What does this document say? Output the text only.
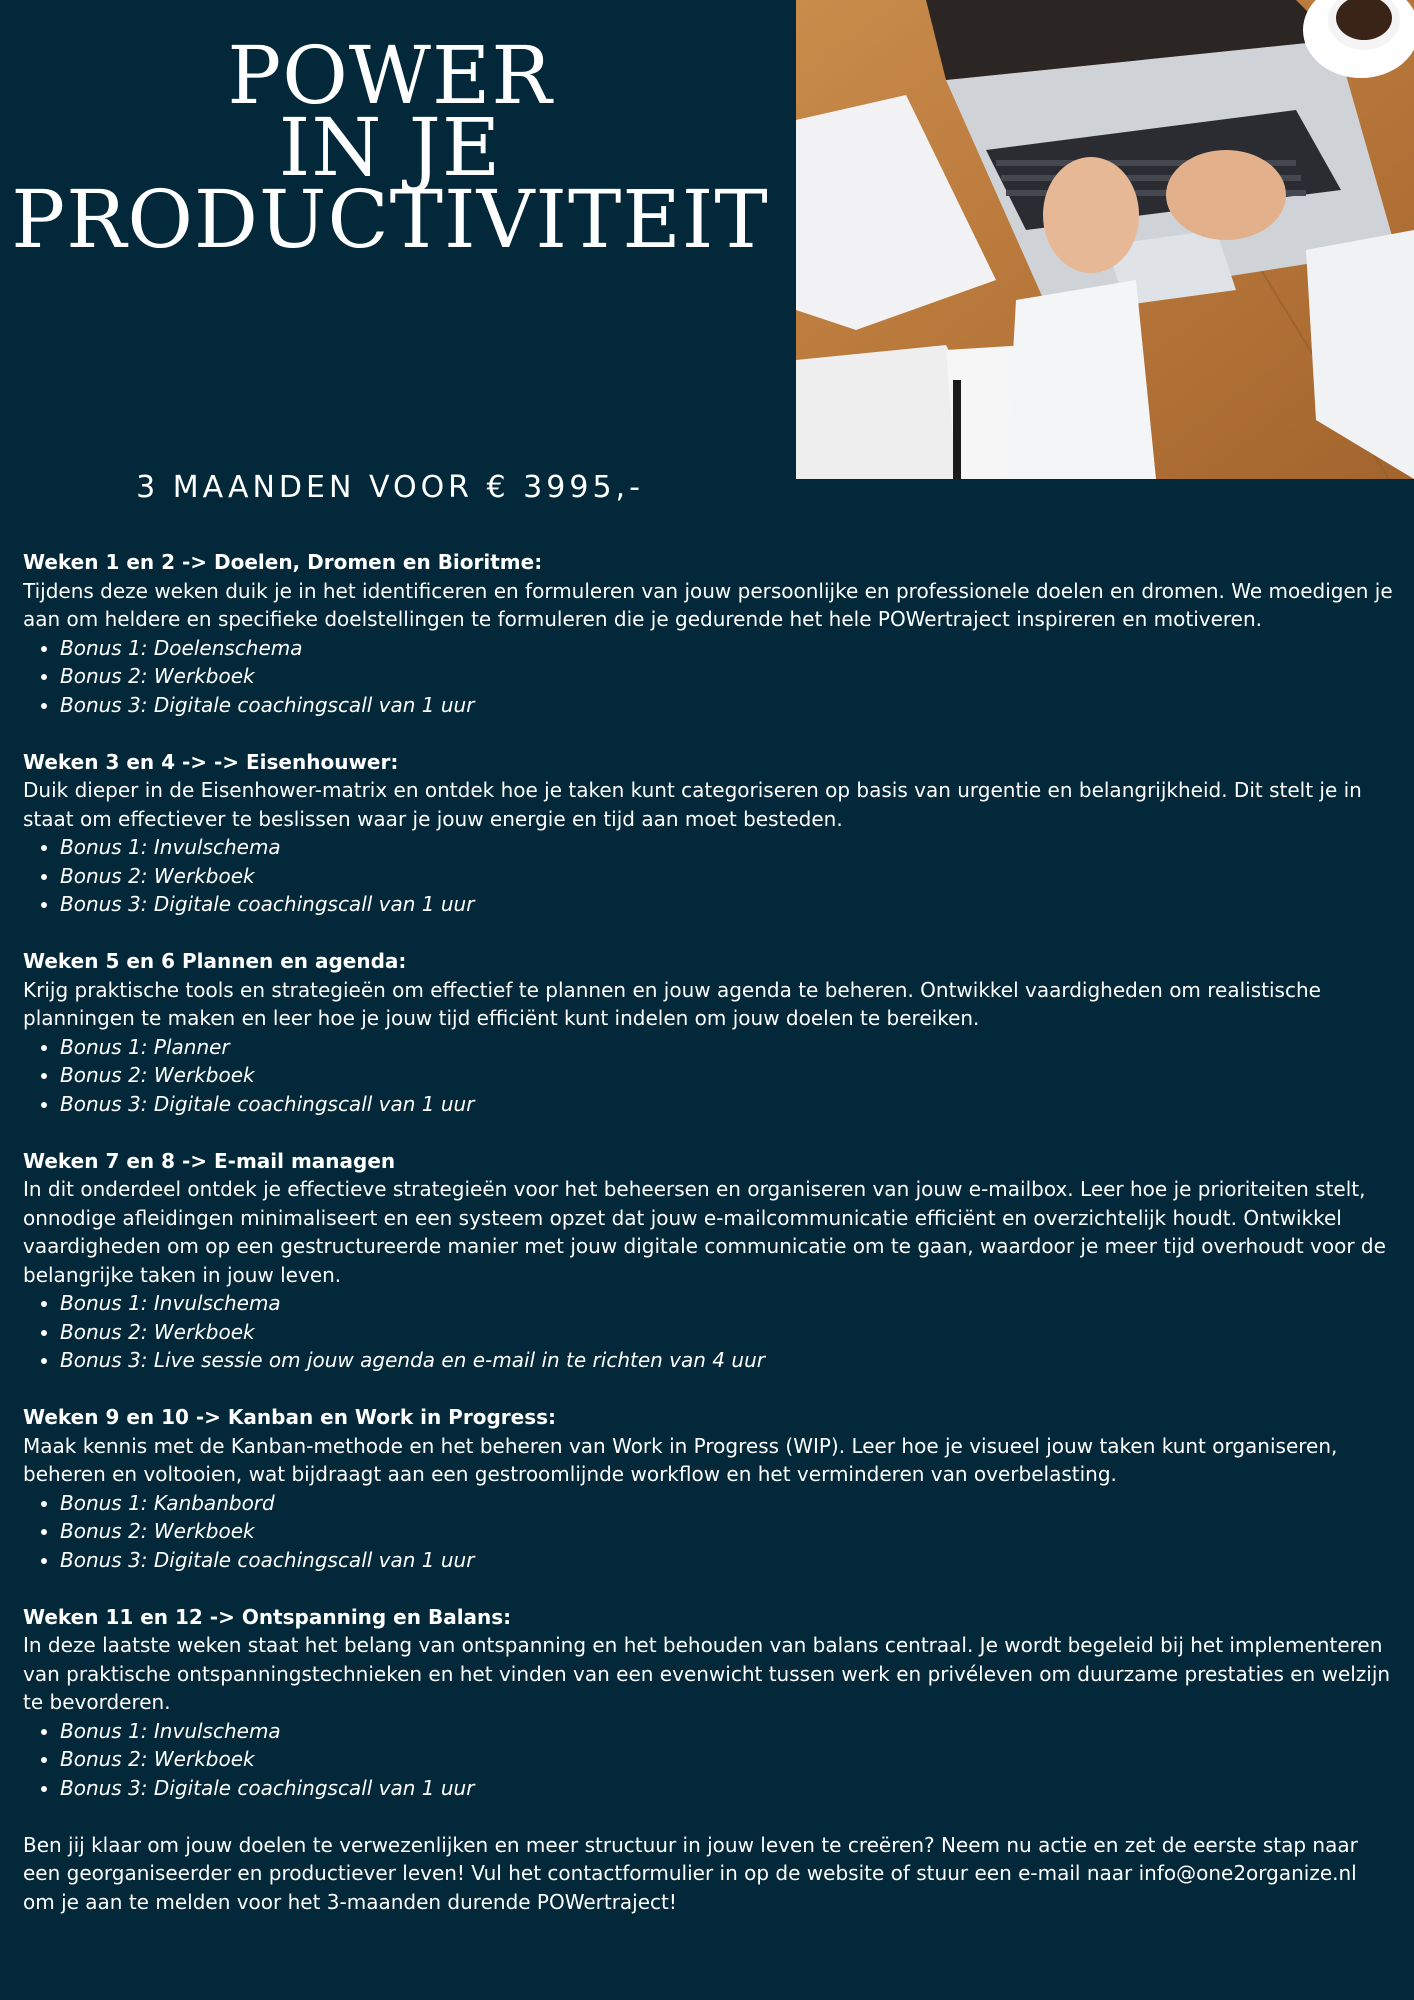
POWER
IN JE
PRODUCTIVITEIT
3 MAANDEN VOOR € 3995,-
Weken 1 en 2 -> Doelen, Dromen en Bioritme:

Tijdens deze weken duik je in het identificeren en formuleren van jouw persoonlijke en professionele doelen en dromen. We moedigen je aan om heldere en specifieke doelstellingen te formuleren die je gedurende het hele POWertraject inspireren en motiveren.

• Bonus 1: Doelenschema
• Bonus 2: Werkboek
• Bonus 3: Digitale coachingscall van 1 uur
Weken 3 en 4 -> -> Eisenhouwer:

Duik dieper in de Eisenhower-matrix en ontdek hoe je taken kunt categoriseren op basis van urgentie en belangrijkheid. Dit stelt je in staat om effectiever te beslissen waar je jouw energie en tijd aan moet besteden.

• Bonus 1: Invulschema
• Bonus 2: Werkboek
• Bonus 3: Digitale coachingscall van 1 uur
Weken 5 en 6 Plannen en agenda:

Krijg praktische tools en strategieën om effectief te plannen en jouw agenda te beheren. Ontwikkel vaardigheden om realistische planningen te maken en leer hoe je jouw tijd efficiënt kunt indelen om jouw doelen te bereiken.

• Bonus 1: Planner
• Bonus 2: Werkboek
• Bonus 3: Digitale coachingscall van 1 uur
Weken 7 en 8 -> E-mail managen

In dit onderdeel ontdek je effectieve strategieën voor het beheersen en organiseren van jouw e-mailbox. Leer hoe je prioriteiten stelt, onnodige afleidingen minimaliseert en een systeem opzet dat jouw e-mailcommunicatie efficiënt en overzichtelijk houdt. Ontwikkel vaardigheden om op een gestructureerde manier met jouw digitale communicatie om te gaan, waardoor je meer tijd overhoudt voor de belangrijke taken in jouw leven.

• Bonus 1: Invulschema
• Bonus 2: Werkboek
• Bonus 3: Live sessie om jouw agenda en e-mail in te richten van 4 uur
Weken 9 en 10 -> Kanban en Work in Progress:

Maak kennis met de Kanban-methode en het beheren van Work in Progress (WIP). Leer hoe je visueel jouw taken kunt organiseren, beheren en voltooien, wat bijdraagt aan een gestroomlijnde workflow en het verminderen van overbelasting.

• Bonus 1: Kanbanbord
• Bonus 2: Werkboek
• Bonus 3: Digitale coachingscall van 1 uur
Weken 11 en 12 -> Ontspanning en Balans:

In deze laatste weken staat het belang van ontspanning en het behouden van balans centraal. Je wordt begeleid bij het implementeren van praktische ontspanningstechnieken en het vinden van een evenwicht tussen werk en privéleven om duurzame prestaties en welzijn te bevorderen.

• Bonus 1: Invulschema
• Bonus 2: Werkboek
• Bonus 3: Digitale coachingscall van 1 uur

Ben jij klaar om jouw doelen te verwezenlijken en meer structuur in jouw leven te creëren? Neem nu actie en zet de eerste stap naar een georganiseerder en productiever leven! Vul het contactformulier in op de website of stuur een e-mail naar info@one2organize.nl om je aan te melden voor het 3-maanden durende POWertraject!
